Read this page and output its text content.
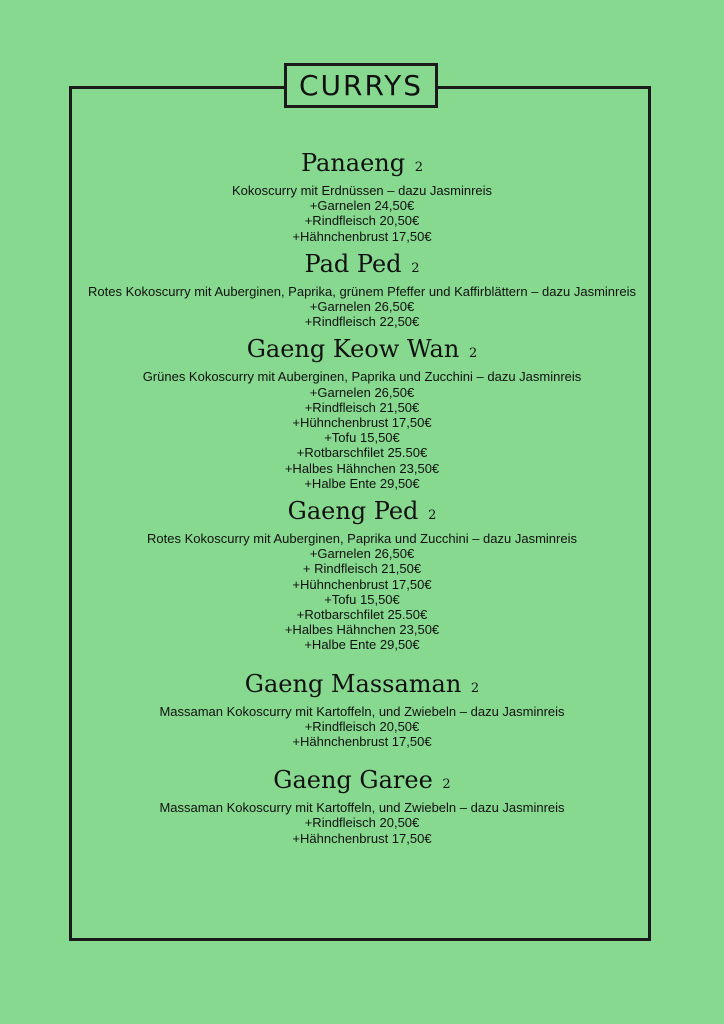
CURRYS
Panaeng 2

Kokoscurry mit Erdnüssen – dazu Jasminreis

+Garnelen 24,50€

+Rindfleisch 20,50€

+Hähnchenbrust 17,50€

Pad Ped 2

Rotes Kokoscurry mit Auberginen, Paprika, grünem Pfeffer und Kaffirblättern – dazu Jasminreis

+Garnelen 26,50€

+Rindfleisch 22,50€

Gaeng Keow Wan 2

Grünes Kokoscurry mit Auberginen, Paprika und Zucchini – dazu Jasminreis

+Garnelen 26,50€

+Rindfleisch 21,50€

+Hühnchenbrust 17,50€

+Tofu 15,50€

+Rotbarschfilet 25.50€

+Halbes Hähnchen 23,50€

+Halbe Ente 29,50€

Gaeng Ped 2

Rotes Kokoscurry mit Auberginen, Paprika und Zucchini – dazu Jasminreis

+Garnelen 26,50€

+ Rindfleisch 21,50€

+Hühnchenbrust 17,50€

+Tofu 15,50€

+Rotbarschfilet 25.50€

+Halbes Hähnchen 23,50€

+Halbe Ente 29,50€

Gaeng Massaman 2

Massaman Kokoscurry mit Kartoffeln, und Zwiebeln – dazu Jasminreis

+Rindfleisch 20,50€

+Hähnchenbrust 17,50€

Gaeng Garee 2

Massaman Kokoscurry mit Kartoffeln, und Zwiebeln – dazu Jasminreis

+Rindfleisch 20,50€

+Hähnchenbrust 17,50€
